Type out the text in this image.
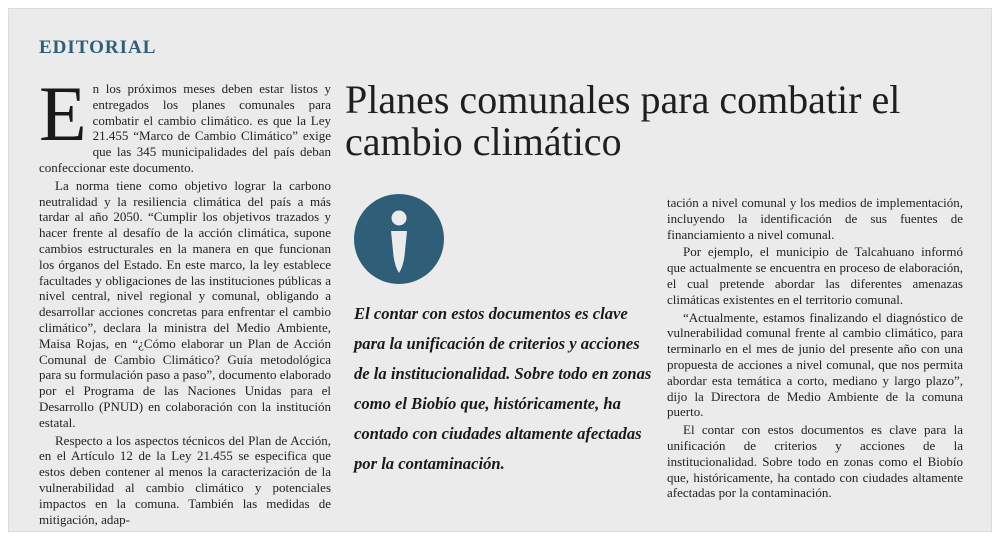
EDITORIAL
Planes comunales para combatir el cambio climático

En los próximos meses deben estar listos y entregados los planes comunales para combatir el cambio climático. es que la Ley 21.455 “Marco de Cambio Climático” exige que las 345 municipalidades del país deban confeccionar este documento.

La norma tiene como objetivo lograr la carbono neutralidad y la resiliencia climática del país a más tardar al año 2050. “Cumplir los objetivos trazados y hacer frente al desafío de la acción climática, supone cambios estructurales en la manera en que funcionan los órganos del Estado. En este marco, la ley establece facultades y obligaciones de las instituciones públicas a nivel central, nivel regional y comunal, obligando a desarrollar acciones concretas para enfrentar el cambio climático”, declara la ministra del Medio Ambiente, Maisa Rojas, en “¿Cómo elaborar un Plan de Acción Comunal de Cambio Climático? Guía metodológica para su formulación paso a paso”, documento elaborado por el Programa de las Naciones Unidas para el Desarrollo (PNUD) en colaboración con la institución estatal.

Respecto a los aspectos técnicos del Plan de Acción, en el Artículo 12 de la Ley 21.455 se especifica que estos deben contener al menos la caracterización de la vulnerabilidad al cambio climático y potenciales impactos en la comuna. También las medidas de mitigación, adap-

El contar con estos documentos es clave para la unificación de criterios y acciones de la institucionalidad. Sobre todo en zonas como el Biobío que, históricamente, ha contado con ciudades altamente afectadas por la contaminación.

tación a nivel comunal y los medios de implementación, incluyendo la identificación de sus fuentes de financiamiento a nivel comunal.

Por ejemplo, el municipio de Talcahuano informó que actualmente se encuentra en proceso de elaboración, el cual pretende abordar las diferentes amenazas climáticas existentes en el territorio comunal.

“Actualmente, estamos finalizando el diagnóstico de vulnerabilidad comunal frente al cambio climático, para terminarlo en el mes de junio del presente año con una propuesta de acciones a nivel comunal, que nos permita abordar esta temática a corto, mediano y largo plazo”, dijo la Directora de Medio Ambiente de la comuna puerto.

El contar con estos documentos es clave para la unificación de criterios y acciones de la institucionalidad. Sobre todo en zonas como el Biobío que, históricamente, ha contado con ciudades altamente afectadas por la contaminación.
